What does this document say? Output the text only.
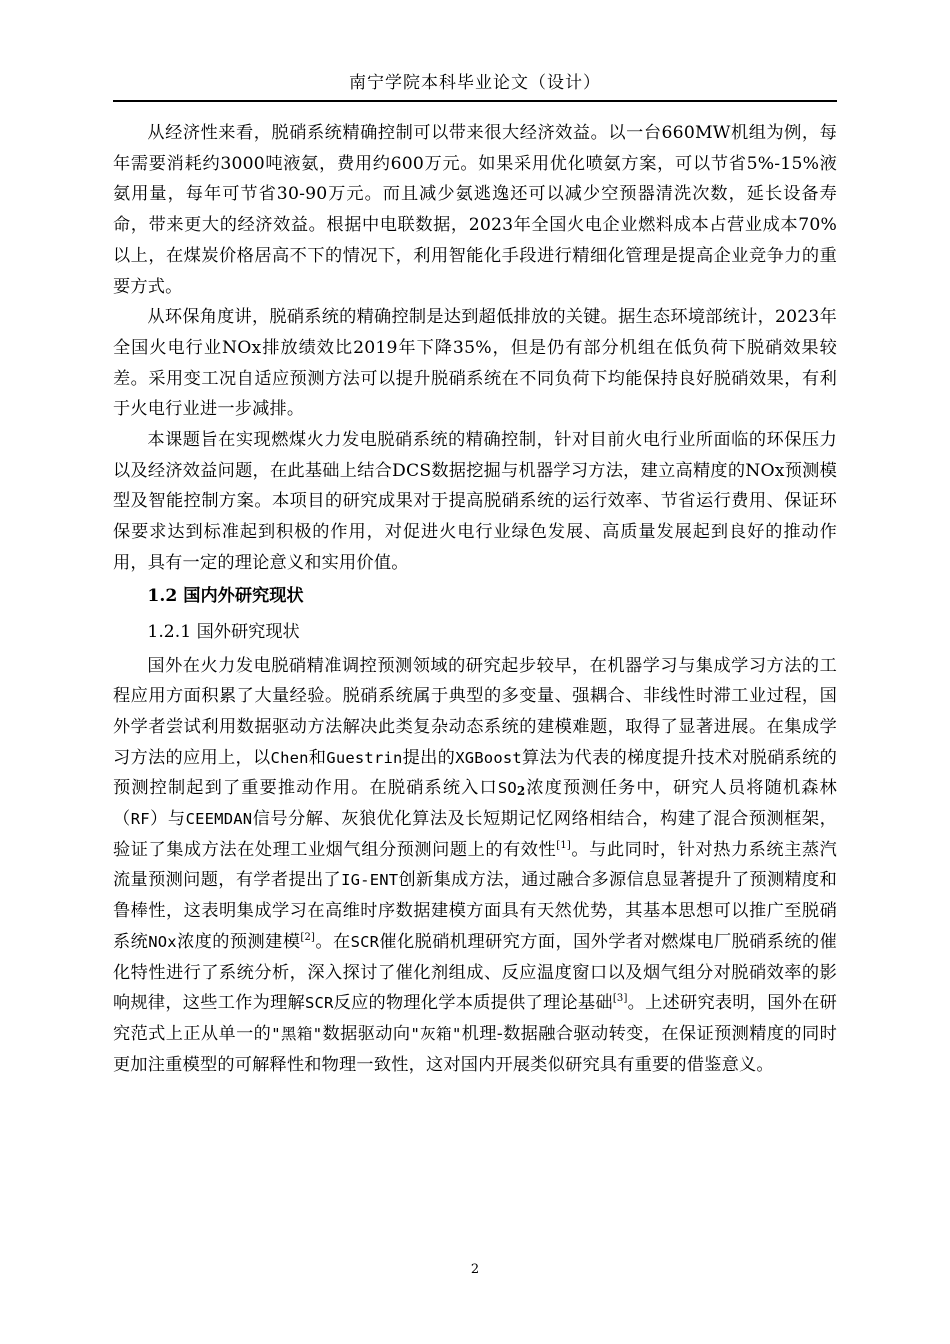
南宁学院本科毕业论文（设计）

从经济性来看，脱硝系统精确控制可以带来很大经济效益。以一台660MW机组为例，每年需要消耗约3000吨液氨，费用约600万元。如果采用优化喷氨方案，可以节省5%-15%液氨用量，每年可节省30-90万元。而且减少氨逃逸还可以减少空预器清洗次数，延长设备寿命，带来更大的经济效益。根据中电联数据，2023年全国火电企业燃料成本占营业成本70%以上，在煤炭价格居高不下的情况下，利用智能化手段进行精细化管理是提高企业竞争力的重要方式。

从环保角度讲，脱硝系统的精确控制是达到超低排放的关键。据生态环境部统计，2023年全国火电行业NOx排放绩效比2019年下降35%，但是仍有部分机组在低负荷下脱硝效果较差。采用变工况自适应预测方法可以提升脱硝系统在不同负荷下均能保持良好脱硝效果，有利于火电行业进一步减排。

本课题旨在实现燃煤火力发电脱硝系统的精确控制，针对目前火电行业所面临的环保压力以及经济效益问题，在此基础上结合DCS数据挖掘与机器学习方法，建立高精度的NOx预测模型及智能控制方案。本项目的研究成果对于提高脱硝系统的运行效率、节省运行费用、保证环保要求达到标准起到积极的作用，对促进火电行业绿色发展、高质量发展起到良好的推动作用，具有一定的理论意义和实用价值。

1.2 国内外研究现状
1.2.1 国外研究现状

国外在火力发电脱硝精准调控预测领域的研究起步较早，在机器学习与集成学习方法的工程应用方面积累了大量经验。脱硝系统属于典型的多变量、强耦合、非线性时滞工业过程，国外学者尝试利用数据驱动方法解决此类复杂动态系统的建模难题，取得了显著进展。在集成学习方法的应用上，以Chen和Guestrin提出的XGBoost算法为代表的梯度提升技术对脱硝系统的预测控制起到了重要推动作用。在脱硝系统入口$SO_2$浓度预测任务中，研究人员将随机森林（RF）与CEEMDAN信号分解、灰狼优化算法及长短期记忆网络相结合，构建了混合预测框架，验证了集成方法在处理工业烟气组分预测问题上的有效性[1]。与此同时，针对热力系统主蒸汽流量预测问题，有学者提出了IG-ENT创新集成方法，通过融合多源信息显著提升了预测精度和鲁棒性，这表明集成学习在高维时序数据建模方面具有天然优势，其基本思想可以推广至脱硝系统NOx浓度的预测建模[2]。在SCR催化脱硝机理研究方面，国外学者对燃煤电厂脱硝系统的催化特性进行了系统分析，深入探讨了催化剂组成、反应温度窗口以及烟气组分对脱硝效率的影响规律，这些工作为理解SCR反应的物理化学本质提供了理论基础[3]。上述研究表明，国外在研究范式上正从单一的"黑箱"数据驱动向"灰箱"机理-数据融合驱动转变，在保证预测精度的同时更加注重模型的可解释性和物理一致性，这对国内开展类似研究具有重要的借鉴意义。

2
